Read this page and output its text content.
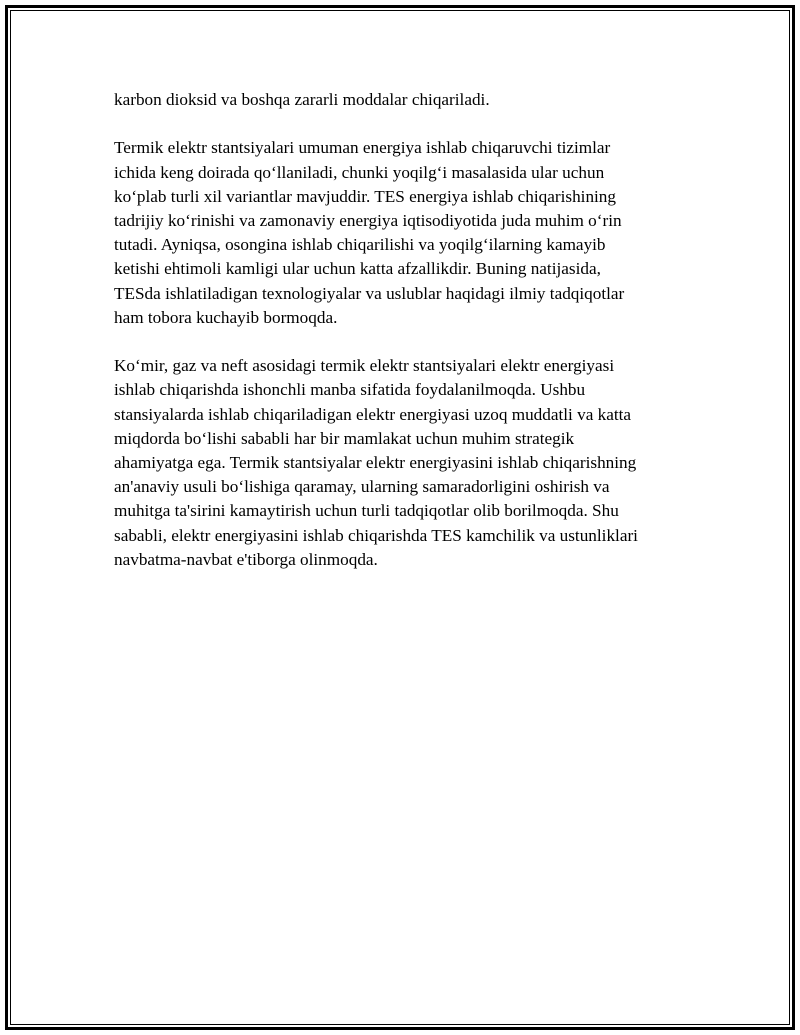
karbon dioksid va boshqa zararli moddalar chiqariladi.

Termik elektr stantsiyalari umuman energiya ishlab chiqaruvchi tizimlar
ichida keng doirada qo‘llaniladi, chunki yoqilg‘i masalasida ular uchun
ko‘plab turli xil variantlar mavjuddir. TES energiya ishlab chiqarishining
tadrijiy ko‘rinishi va zamonaviy energiya iqtisodiyotida juda muhim o‘rin
tutadi. Ayniqsa, osongina ishlab chiqarilishi va yoqilg‘ilarning kamayib
ketishi ehtimoli kamligi ular uchun katta afzallikdir. Buning natijasida,
TESda ishlatiladigan texnologiyalar va uslublar haqidagi ilmiy tadqiqotlar
ham tobora kuchayib bormoqda.

Ko‘mir, gaz va neft asosidagi termik elektr stantsiyalari elektr energiyasi
ishlab chiqarishda ishonchli manba sifatida foydalanilmoqda. Ushbu
stansiyalarda ishlab chiqariladigan elektr energiyasi uzoq muddatli va katta
miqdorda bo‘lishi sababli har bir mamlakat uchun muhim strategik
ahamiyatga ega. Termik stantsiyalar elektr energiyasini ishlab chiqarishning
an'anaviy usuli bo‘lishiga qaramay, ularning samaradorligini oshirish va
muhitga ta'sirini kamaytirish uchun turli tadqiqotlar olib borilmoqda. Shu
sababli, elektr energiyasini ishlab chiqarishda TES kamchilik va ustunliklari
navbatma-navbat e'tiborga olinmoqda.
